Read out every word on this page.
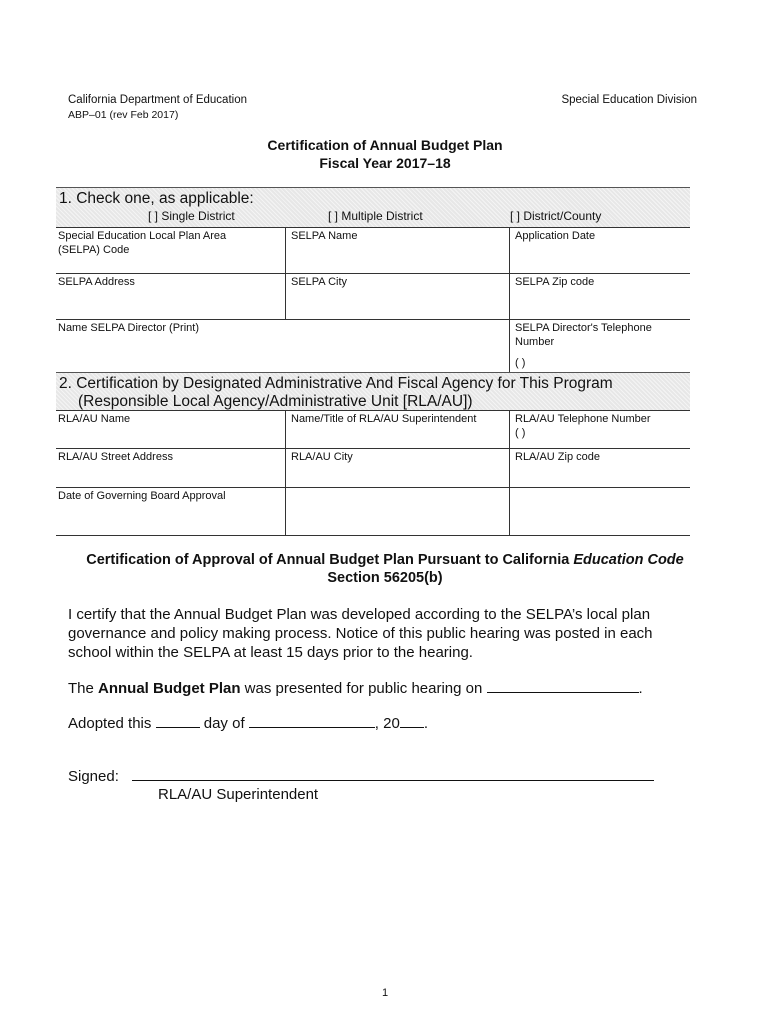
California Department of Education
ABP–01 (rev Feb 2017)
Special Education Division
Certification of Annual Budget Plan
Fiscal Year 2017–18
1. Check one, as applicable:
[ ] Single District	[ ] Multiple District	[ ] District/County
Special Education Local Plan Area
(SELPA) Code
SELPA Name	Application Date
SELPA Address	SELPA City	SELPA Zip code
Name SELPA Director (Print)	SELPA Director's Telephone
Number
( )
2. Certification by Designated Administrative And Fiscal Agency for This Program
(Responsible Local Agency/Administrative Unit [RLA/AU])
RLA/AU Name	Name/Title of RLA/AU Superintendent	RLA/AU Telephone Number
( )
RLA/AU Street Address	RLA/AU City	RLA/AU Zip code
Date of Governing Board Approval
Certification of Approval of Annual Budget Plan Pursuant to California Education Code
Section 56205(b)
I certify that the Annual Budget Plan was developed according to the SELPA’s local plan governance and policy making process. Notice of this public hearing was posted in each school within the SELPA at least 15 days prior to the hearing.
The Annual Budget Plan was presented for public hearing on	.
Adopted this	day of	, 20 .
Signed:
RLA/AU Superintendent
1
